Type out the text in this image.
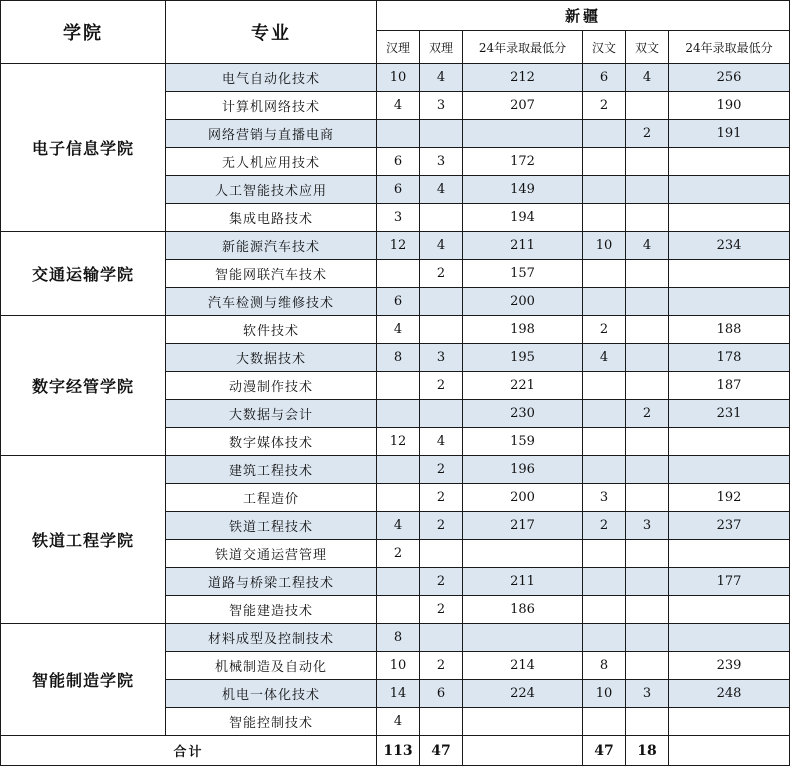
学院	专业	新疆					
		汉理	双理	24年录取最低分	汉文	双文	24年录取最低分
电子信息学院	电气自动化技术	10	4	212	6	4	256
	计算机网络技术	4	3	207	2		190
	网络营销与直播电商					2	191
	无人机应用技术	6	3	172			
	人工智能技术应用	6	4	149			
	集成电路技术	3		194			
交通运输学院	新能源汽车技术	12	4	211	10	4	234
	智能网联汽车技术		2	157			
	汽车检测与维修技术	6		200			
数字经管学院	软件技术	4		198	2		188
	大数据技术	8	3	195	4		178
	动漫制作技术		2	221			187
	大数据与会计			230		2	231
	数字媒体技术	12	4	159			
铁道工程学院	建筑工程技术		2	196			
	工程造价		2	200	3		192
	铁道工程技术	4	2	217	2	3	237
	铁道交通运营管理	2					
	道路与桥梁工程技术		2	211			177
	智能建造技术		2	186			
智能制造学院	材料成型及控制技术	8					
	机械制造及自动化	10	2	214	8		239
	机电一体化技术	14	6	224	10	3	248
	智能控制技术	4					
合计		113	47		47	18	
